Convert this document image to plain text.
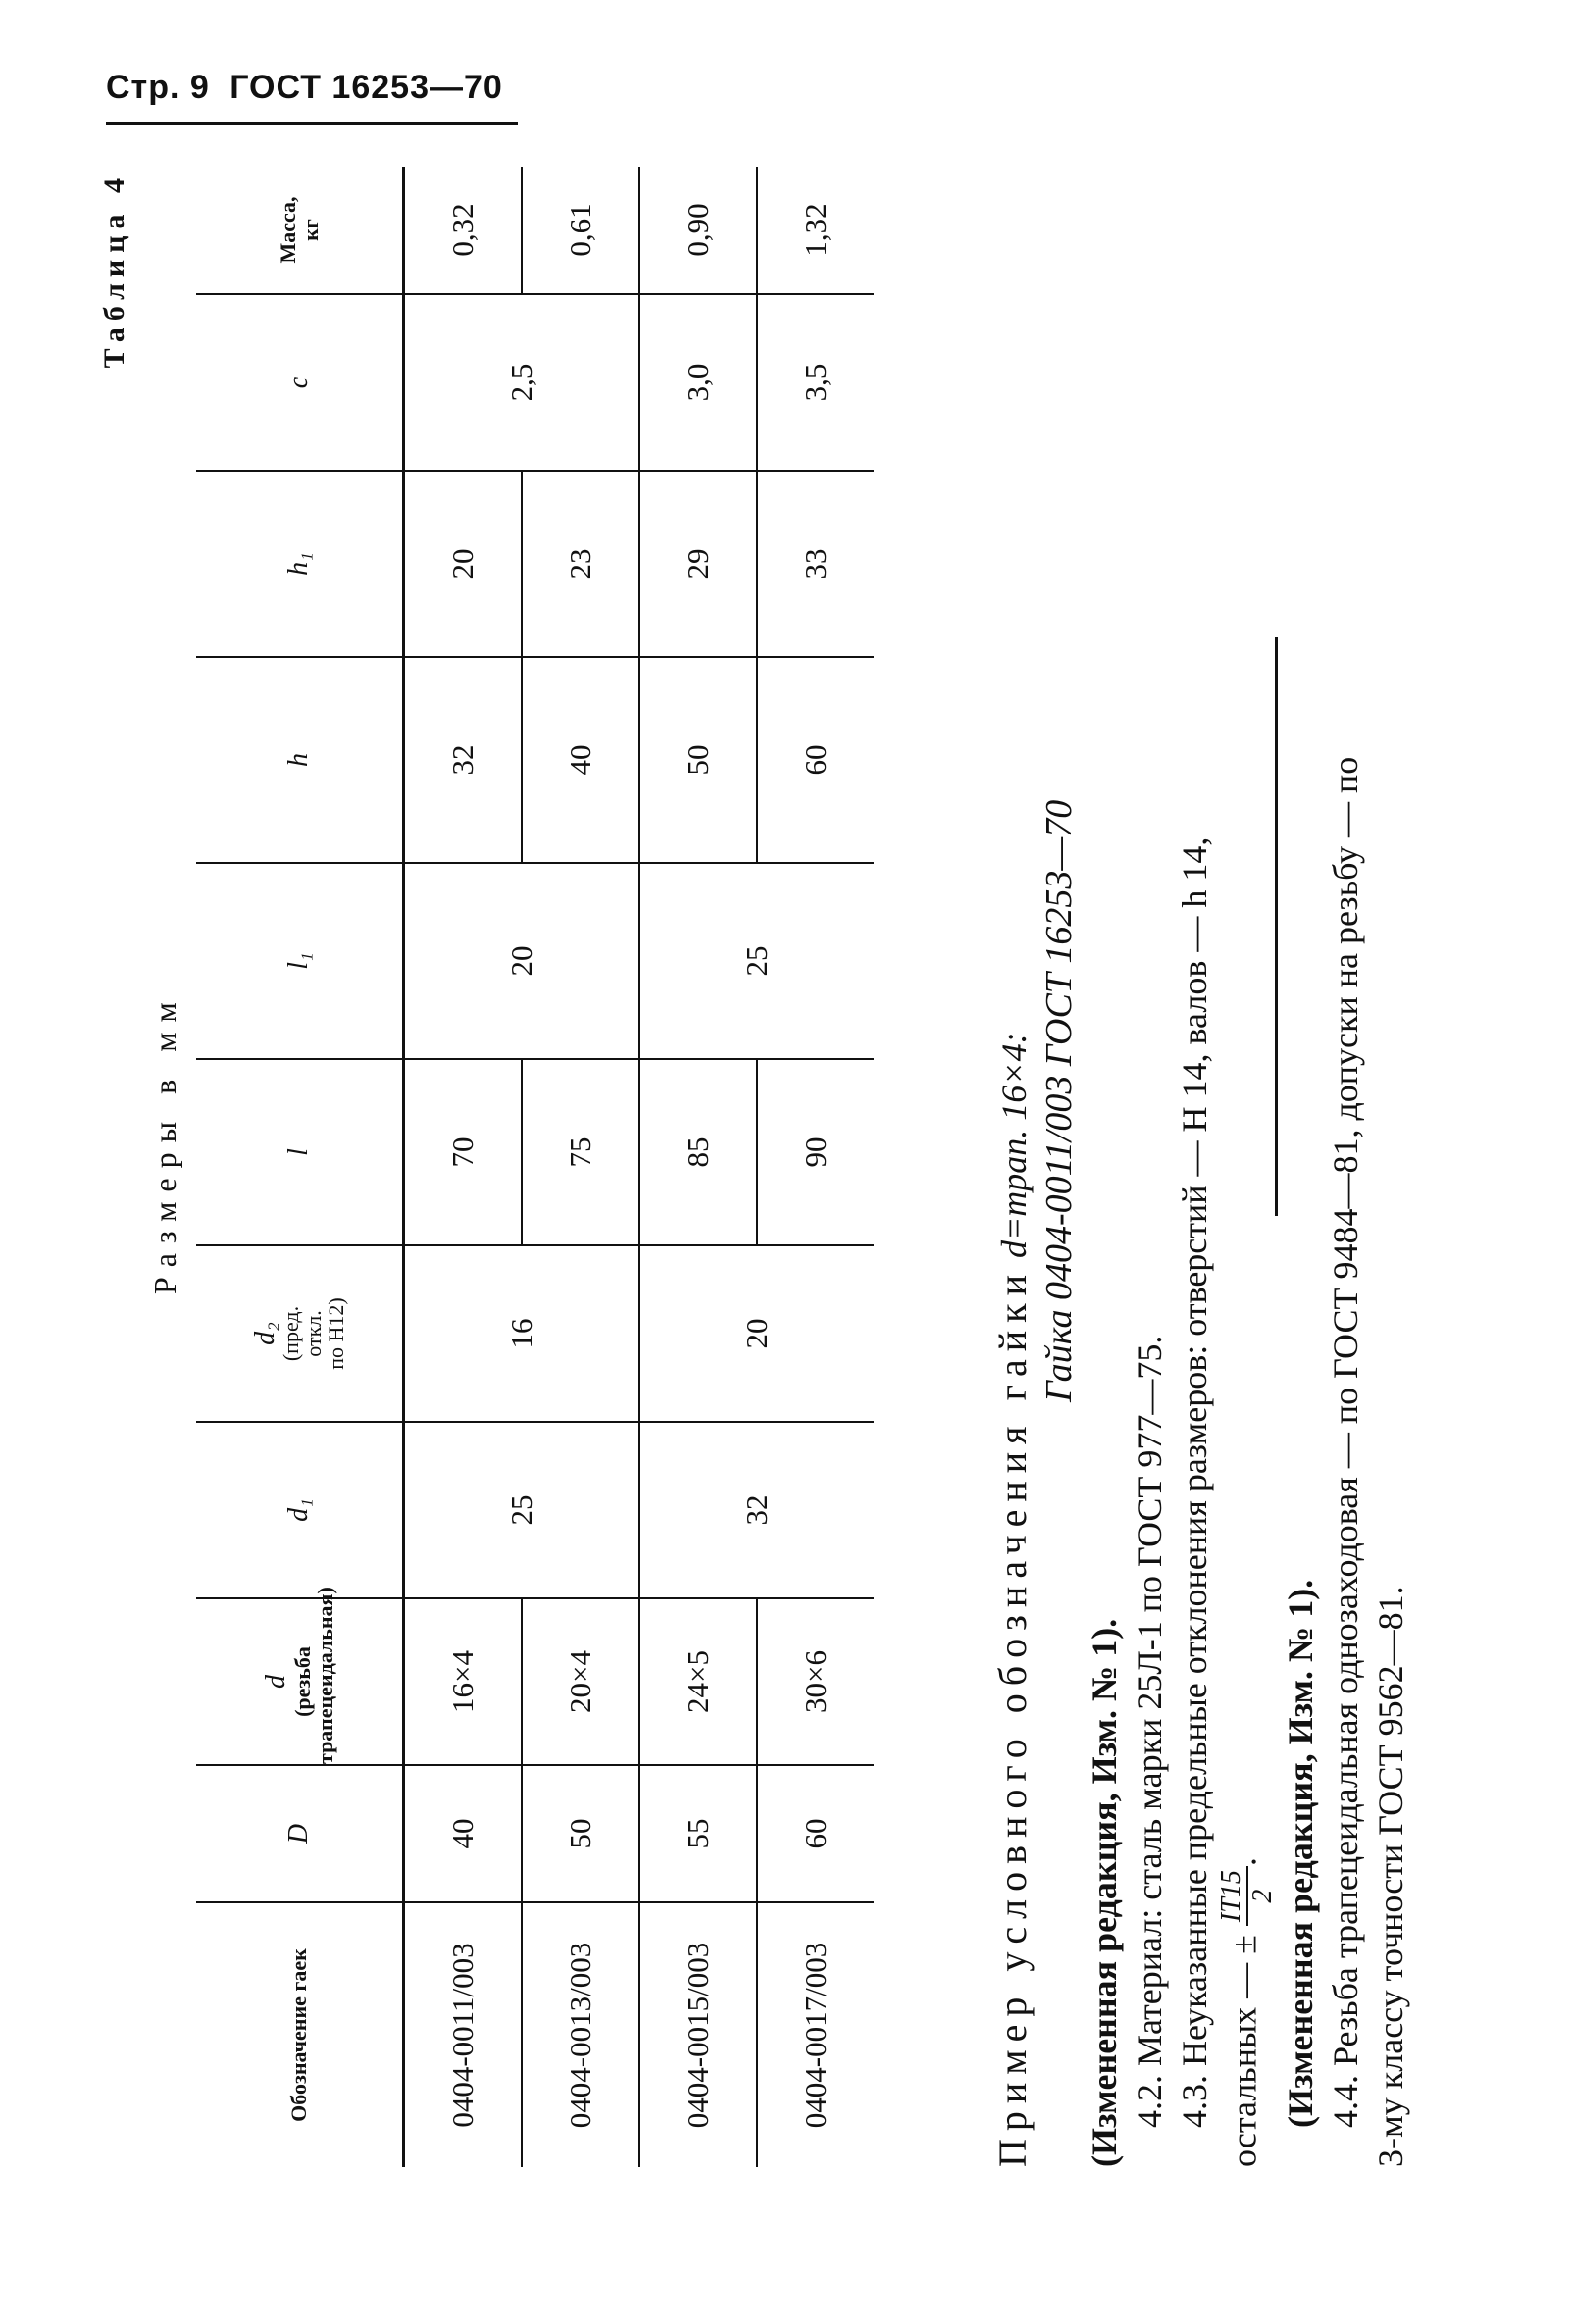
Стр. 9 ГОСТ 16253—70
Таблица 4
Размеры в мм
Обозначение гаек	D	d
(резьба трапецеидальная)	d₁	d₂
(пред.
откл.
по H12)	l	l₁	h	h₁	c	Масса,
кг
0404-0011/003	40	16×4	25	16	70	20	32	20	2,5	0,32
0404-0013/003	50	20×4			75		40	23		0,61
0404-0015/003	55	24×5	32	20	85	25	50	29	3,0	0,90
0404-0017/003	60	30×6			90		60	33	3,5	1,32
Пример условного обозначения гайки d=трап. 16×4: Гайка 0404-0011/003 ГОСТ 16253—70
(Измененная редакция, Изм. № 1). 4.2. Материал: сталь марки 25Л-1 по ГОСТ 977—75. 4.3. Неуказанные предельные отклонения размеров: отверстий — H 14, валов — h 14, остальных — ±
IT15 2
. (Измененная редакция, Изм. № 1). 4.4. Резьба трапецеидальная однозаходовая — по ГОСТ 9484—81, допуски на резьбу — по 3-му классу точности ГОСТ 9562—81.
